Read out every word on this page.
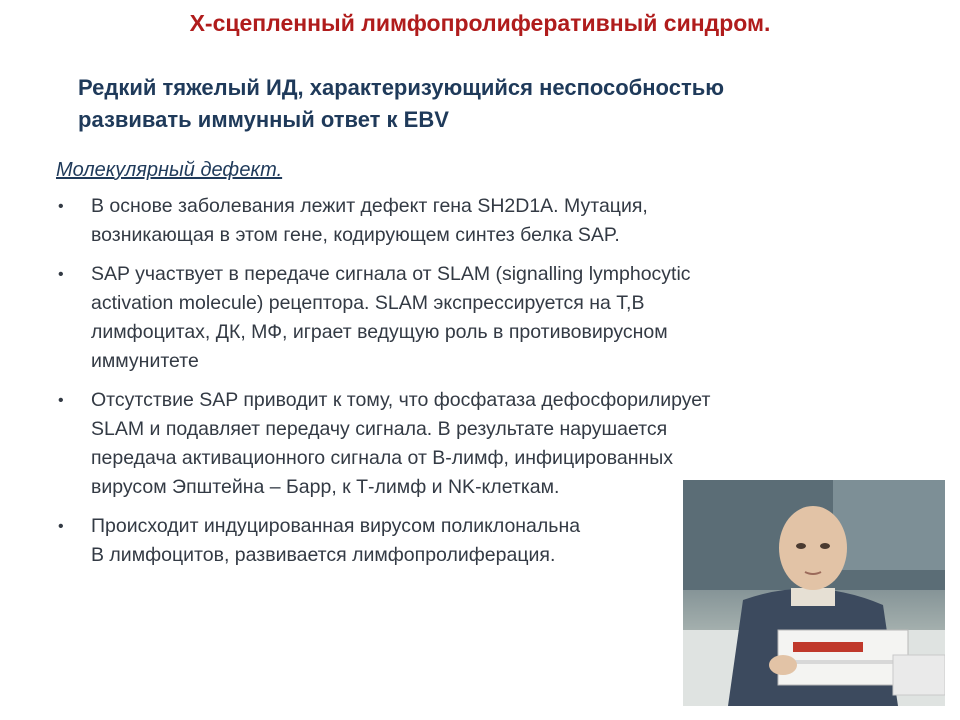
Х-сцепленный лимфопролиферативный синдром.
Редкий тяжелый ИД, характеризующийся неспособностью
развивать иммунный ответ к EBV
Молекулярный дефект.
• В основе заболевания лежит дефект гена SH2D1A. Мутация,
возникающая в этом гене, кодирующем синтез белка SAP.
• SAP участвует в передаче сигнала от SLAM (signalling lymphocytic
activation molecule) рецептора. SLAM экспрессируется на Т,В
лимфоцитах, ДК, МФ, играет ведущую роль в противовирусном
иммунитете
• Отсутствие SAP приводит к тому, что фосфатаза дефосфорилирует
SLAM и подавляет передачу сигнала. В результате нарушается
передача активационного сигнала от В-лимф, инфицированных
вирусом Эпштейна – Барр, к Т-лимф и NK-клеткам.
• Происходит индуцированная вирусом поликлональна
В лимфоцитов, развивается лимфопролиферация.
